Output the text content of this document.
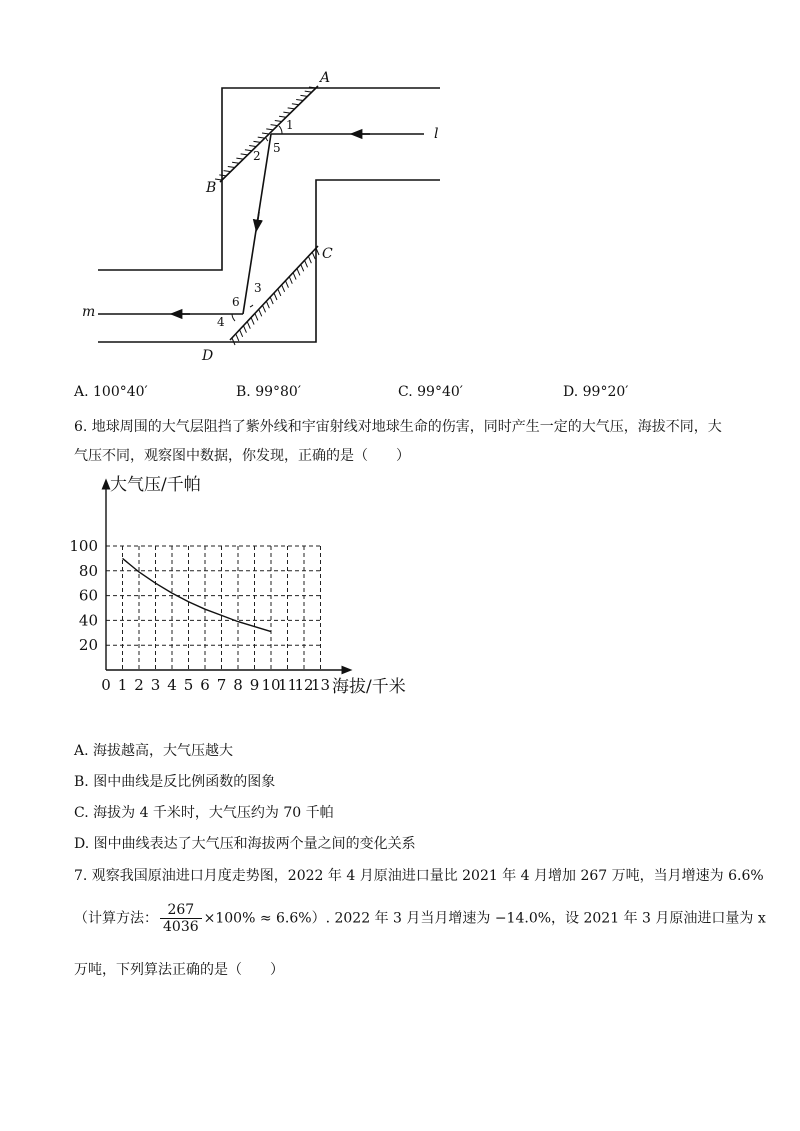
A
B
C
D
l
m
1
2
5
3
6
4
A. 100°40′	B. 99°80′	C. 99°40′	D. 99°20′
6. 地球周围的大气层阻挡了紫外线和宇宙射线对地球生命的伤害，同时产生一定的大气压，海拔不同，大
气压不同，观察图中数据，你发现，正确的是（　　）
0 1 2 3 4 5 6 7 8 9 10
11
12
13
20
40
60
80
100
大气压/千帕
海拔/千米
A. 海拔越高，大气压越大
B. 图中曲线是反比例函数的图象
C. 海拔为 4 千米时，大气压约为 70 千帕
D. 图中曲线表达了大气压和海拔两个量之间的变化关系
7. 观察我国原油进口月度走势图，2022 年 4 月原油进口量比 2021 年 4 月增加 267 万吨，当月增速为 6.6%
（计算方法： $\frac{267}{4036} \times 100\% \approx 6.6\%$）. 2022 年 3 月当月增速为 −14.0%，设 2021 年 3 月原油进口量为 x
万吨，下列算法正确的是（　　）
